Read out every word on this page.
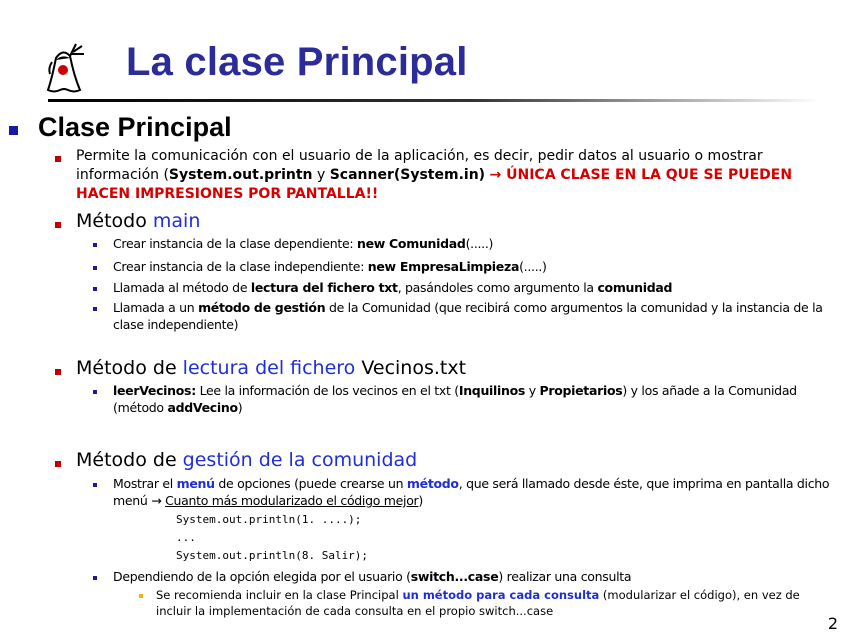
La clase Principal
Clase Principal
Permite la comunicación con el usuario de la aplicación, es decir, pedir datos al usuario o mostrar información (System.out.printn y Scanner(System.in) → ÚNICA CLASE EN LA QUE SE PUEDEN HACEN IMPRESIONES POR PANTALLA!!
Método main
Crear instancia de la clase dependiente: new Comunidad(.....)
Crear instancia de la clase independiente: new EmpresaLimpieza(.....)
Llamada al método de lectura del fichero txt, pasándoles como argumento la comunidad
Llamada a un método de gestión de la Comunidad (que recibirá como argumentos la comunidad y la instancia de la clase independiente)
Método de lectura del fichero Vecinos.txt
leerVecinos: Lee la información de los vecinos en el txt (Inquilinos y Propietarios) y los añade a la Comunidad (método addVecino)
Método de gestión de la comunidad
Mostrar el menú de opciones (puede crearse un método, que será llamado desde éste, que imprima en pantalla dicho menú → Cuanto más modularizado el código mejor)
System.out.println(1. ....);
...
System.out.println(8. Salir);
Dependiendo de la opción elegida por el usuario (switch...case) realizar una consulta
Se recomienda incluir en la clase Principal un método para cada consulta (modularizar el código), en vez de incluir la implementación de cada consulta en el propio switch...case
2
